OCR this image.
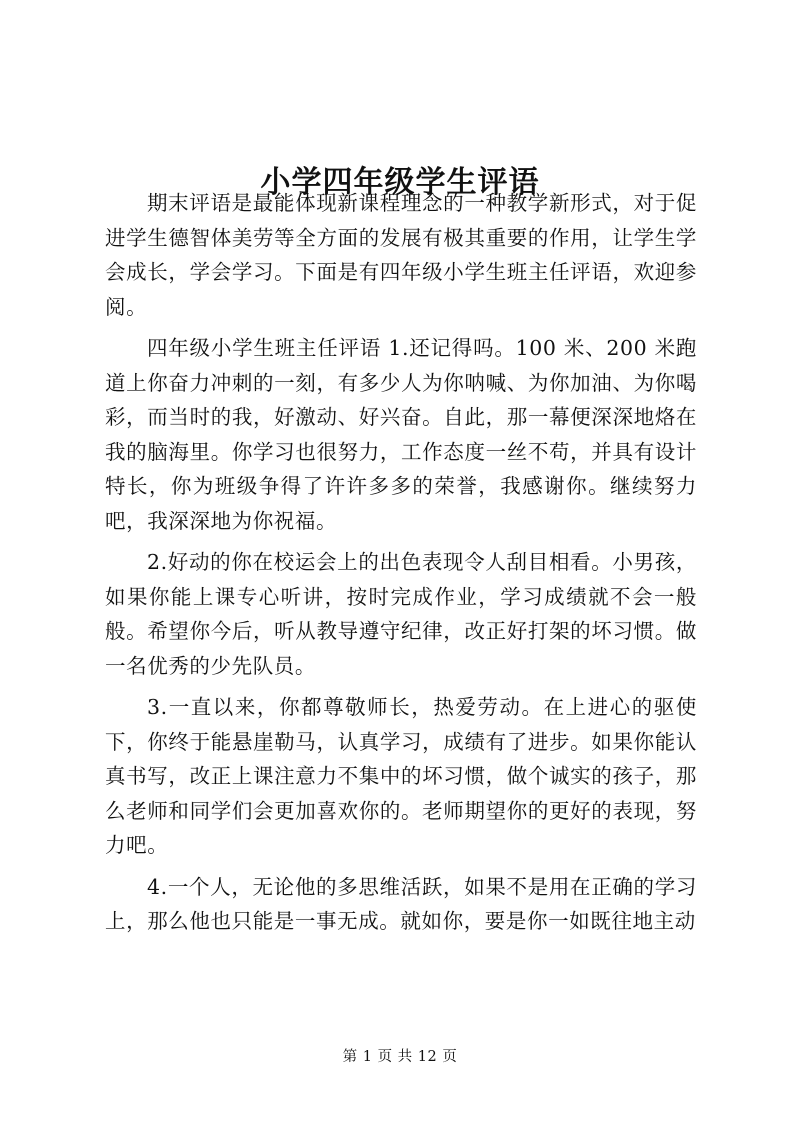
小学四年级学生评语

期末评语是最能体现新课程理念的一种教学新形式，对于促进学生德智体美劳等全方面的发展有极其重要的作用，让学生学会成长，学会学习。下面是有四年级小学生班主任评语，欢迎参阅。

四年级小学生班主任评语 1.还记得吗。100 米、200 米跑道上你奋力冲刺的一刻，有多少人为你呐喊、为你加油、为你喝彩，而当时的我，好激动、好兴奋。自此，那一幕便深深地烙在我的脑海里。你学习也很努力，工作态度一丝不苟，并具有设计特长，你为班级争得了许许多多的荣誉，我感谢你。继续努力吧，我深深地为你祝福。

2.好动的你在校运会上的出色表现令人刮目相看。小男孩，如果你能上课专心听讲，按时完成作业，学习成绩就不会一般般。希望你今后，听从教导遵守纪律，改正好打架的坏习惯。做一名优秀的少先队员。

3.一直以来，你都尊敬师长，热爱劳动。在上进心的驱使下，你终于能悬崖勒马，认真学习，成绩有了进步。如果你能认真书写，改正上课注意力不集中的坏习惯，做个诚实的孩子，那么老师和同学们会更加喜欢你的。老师期望你的更好的表现，努力吧。

4.一个人，无论他的多思维活跃，如果不是用在正确的学习上，那么他也只能是一事无成。就如你，要是你一如既往地主动

第 1 页 共 12 页
